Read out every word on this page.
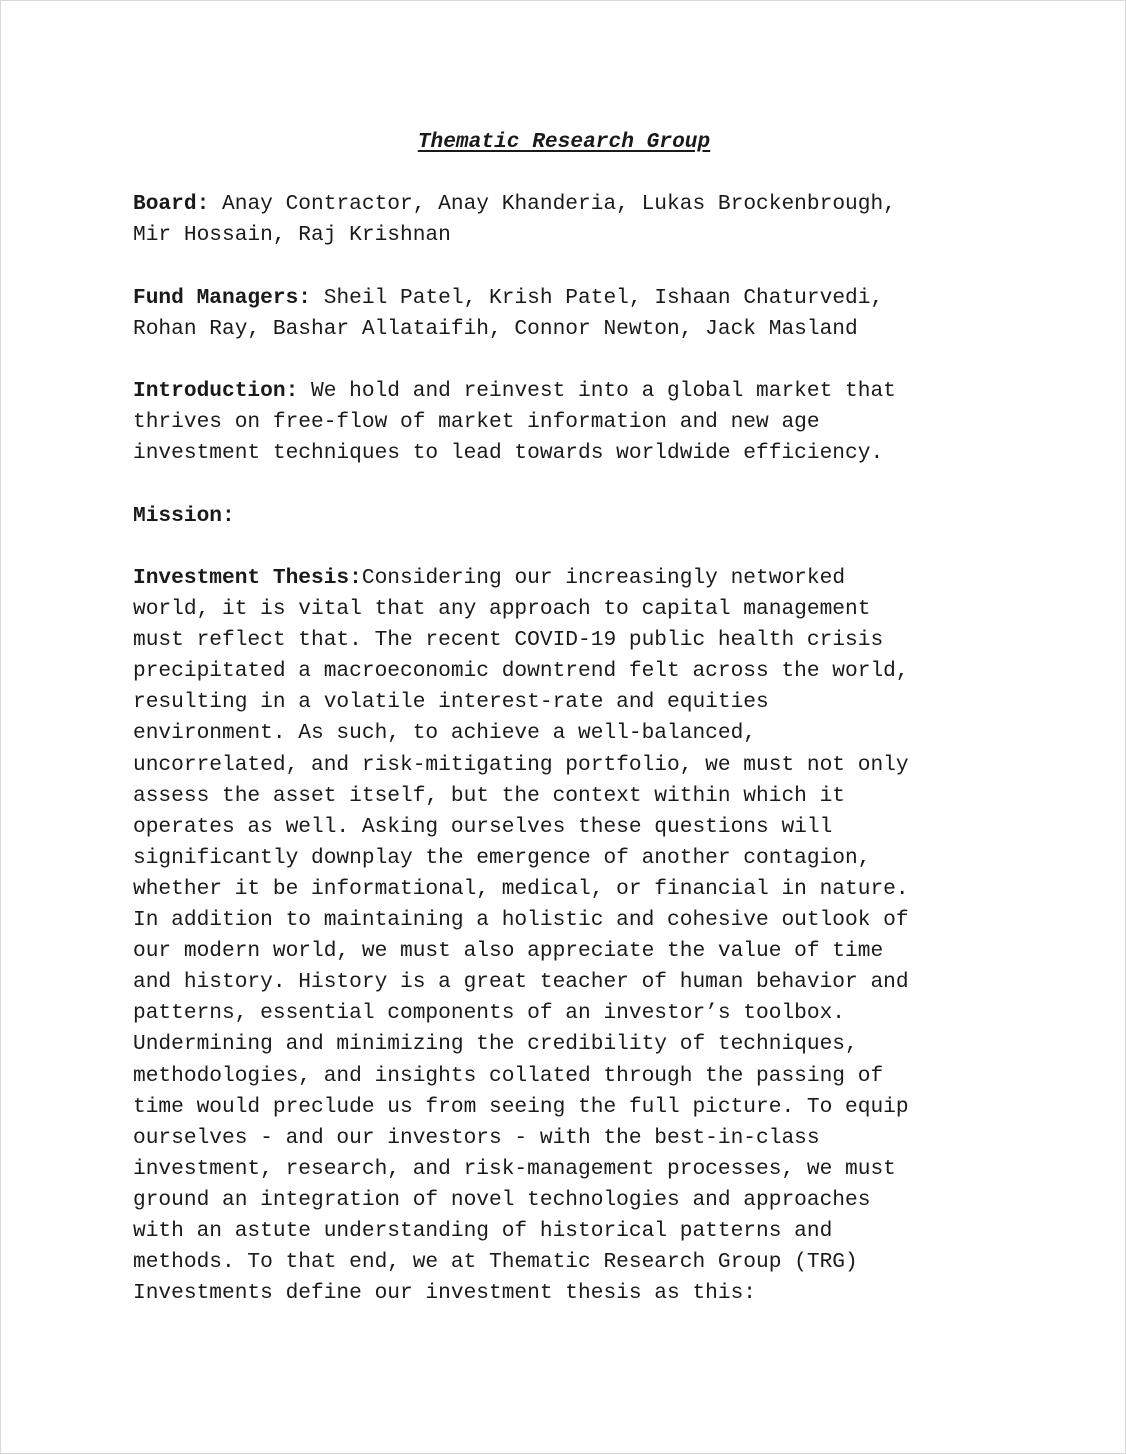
Thematic Research Group
Board: Anay Contractor, Anay Khanderia, Lukas Brockenbrough,
Mir Hossain, Raj Krishnan
Fund Managers: Sheil Patel, Krish Patel, Ishaan Chaturvedi,
Rohan Ray, Bashar Allataifih, Connor Newton, Jack Masland
Introduction: We hold and reinvest into a global market that
thrives on free-flow of market information and new age
investment techniques to lead towards worldwide efficiency.
Mission:
Investment Thesis:Considering our increasingly networked
world, it is vital that any approach to capital management
must reflect that. The recent COVID-19 public health crisis
precipitated a macroeconomic downtrend felt across the world,
resulting in a volatile interest-rate and equities
environment. As such, to achieve a well-balanced,
uncorrelated, and risk-mitigating portfolio, we must not only
assess the asset itself, but the context within which it
operates as well. Asking ourselves these questions will
significantly downplay the emergence of another contagion,
whether it be informational, medical, or financial in nature.
In addition to maintaining a holistic and cohesive outlook of
our modern world, we must also appreciate the value of time
and history. History is a great teacher of human behavior and
patterns, essential components of an investor’s toolbox.
Undermining and minimizing the credibility of techniques,
methodologies, and insights collated through the passing of
time would preclude us from seeing the full picture. To equip
ourselves - and our investors - with the best-in-class
investment, research, and risk-management processes, we must
ground an integration of novel technologies and approaches
with an astute understanding of historical patterns and
methods. To that end, we at Thematic Research Group (TRG)
Investments define our investment thesis as this:
